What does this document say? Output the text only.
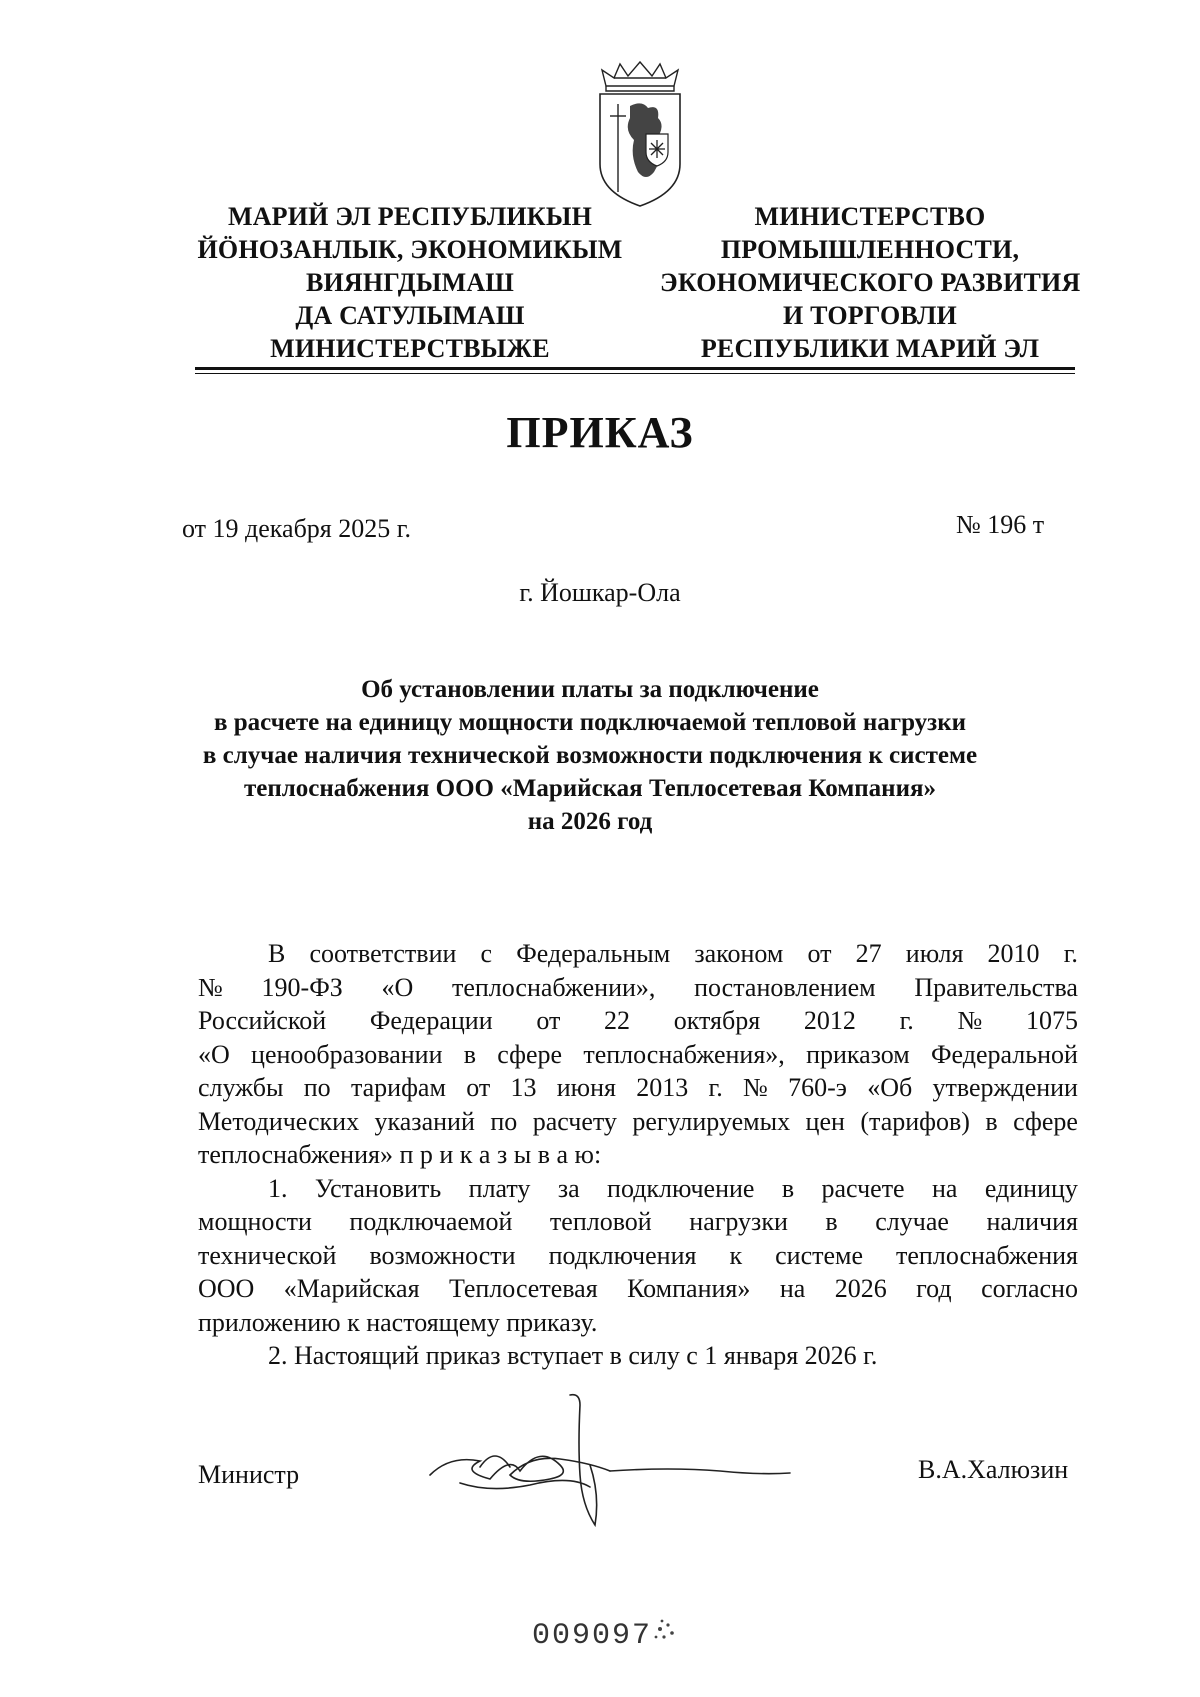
МАРИЙ ЭЛ РЕСПУБЛИКЫН
ЙӦНОЗАНЛЫК, ЭКОНОМИКЫМ
ВИЯНГДЫМАШ
ДА САТУЛЫМАШ
МИНИСТЕРСТВЫЖЕ
МИНИСТЕРСТВО
ПРОМЫШЛЕННОСТИ,
ЭКОНОМИЧЕСКОГО РАЗВИТИЯ
И ТОРГОВЛИ
РЕСПУБЛИКИ МАРИЙ ЭЛ
ПРИКАЗ
от 19 декабря 2025 г.	№ 196 т
г. Йошкар-Ола
Об установлении платы за подключение
в расчете на единицу мощности подключаемой тепловой нагрузки
в случае наличия технической возможности подключения к системе
теплоснабжения ООО «Марийская Теплосетевая Компания»
на 2026 год
В соответствии с Федеральным законом от 27 июля 2010 г.
№ 190-ФЗ «О теплоснабжении», постановлением Правительства
Российской Федерации от 22 октября 2012 г. № 1075
«О ценообразовании в сфере теплоснабжения», приказом Федеральной
службы по тарифам от 13 июня 2013 г. № 760-э «Об утверждении
Методических указаний по расчету регулируемых цен (тарифов) в сфере
теплоснабжения» п р и к а з ы в а ю:
1. Установить плату за подключение в расчете на единицу
мощности подключаемой тепловой нагрузки в случае наличия
технической возможности подключения к системе теплоснабжения
ООО «Марийская Теплосетевая Компания» на 2026 год согласно
приложению к настоящему приказу.
2. Настоящий приказ вступает в силу с 1 января 2026 г.
Министр	В.А.Халюзин
009097
